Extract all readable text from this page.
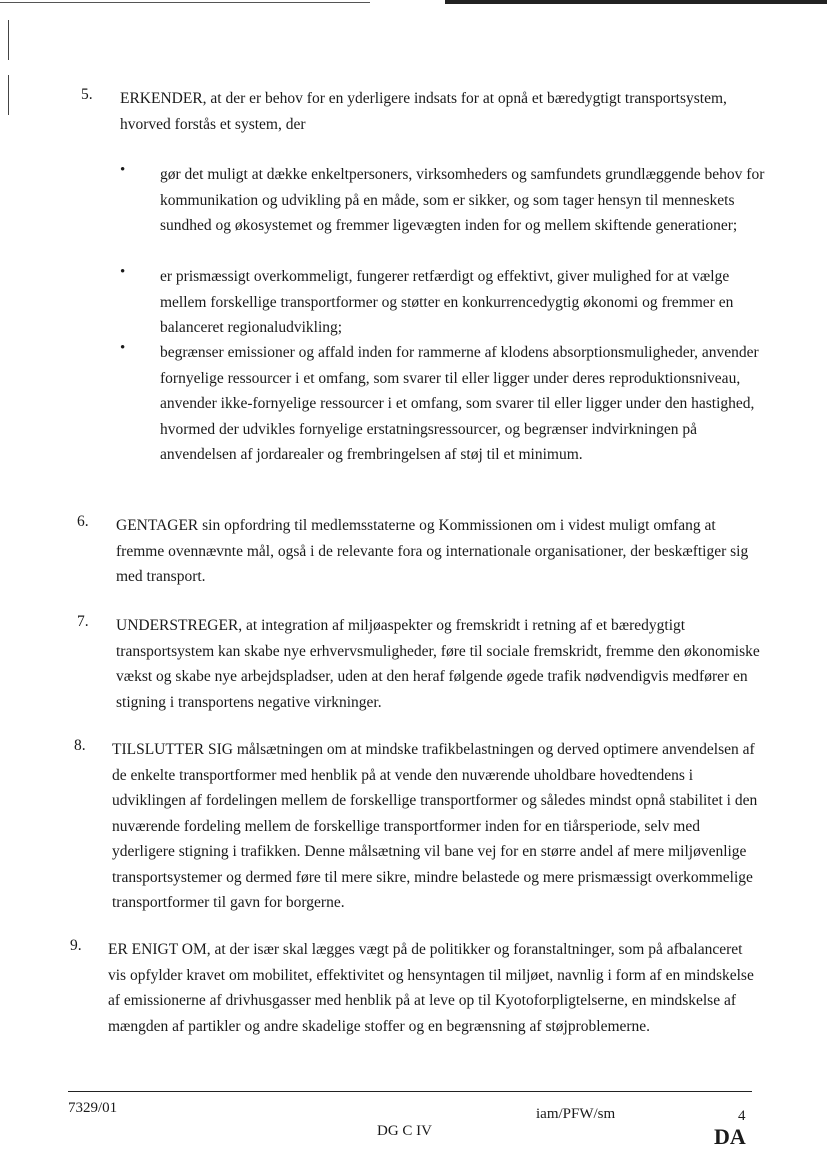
5. ERKENDER, at der er behov for en yderligere indsats for at opnå et bæredygtigt transportsystem, hvorved forstås et system, der
• gør det muligt at dække enkeltpersoners, virksomheders og samfundets grundlæggende behov for kommunikation og udvikling på en måde, som er sikker, og som tager hensyn til menneskets sundhed og økosystemet og fremmer ligevægten inden for og mellem skiftende generationer;
• er prismæssigt overkommeligt, fungerer retfærdigt og effektivt, giver mulighed for at vælge mellem forskellige transportformer og støtter en konkurrencedygtig økonomi og fremmer en balanceret regionaludvikling;
• begrænser emissioner og affald inden for rammerne af klodens absorptionsmuligheder, anvender fornyelige ressourcer i et omfang, som svarer til eller ligger under deres reproduktionsniveau, anvender ikke-fornyelige ressourcer i et omfang, som svarer til eller ligger under den hastighed, hvormed der udvikles fornyelige erstatningsressourcer, og begrænser indvirkningen på anvendelsen af jordarealer og frembringelsen af støj til et minimum.
6. GENTAGER sin opfordring til medlemsstaterne og Kommissionen om i videst muligt omfang at fremme ovennævnte mål, også i de relevante fora og internationale organisationer, der beskæftiger sig med transport.
7. UNDERSTREGER, at integration af miljøaspekter og fremskridt i retning af et bæredygtigt transportsystem kan skabe nye erhvervsmuligheder, føre til sociale fremskridt, fremme den økonomiske vækst og skabe nye arbejdspladser, uden at den heraf følgende øgede trafik nødvendigvis medfører en stigning i transportens negative virkninger.
8. TILSLUTTER SIG målsætningen om at mindske trafikbelastningen og derved optimere anvendelsen af de enkelte transportformer med henblik på at vende den nuværende uholdbare hovedtendens i udviklingen af fordelingen mellem de forskellige transportformer og således mindst opnå stabilitet i den nuværende fordeling mellem de forskellige transportformer inden for en tiårsperiode, selv med yderligere stigning i trafikken. Denne målsætning vil bane vej for en større andel af mere miljøvenlige transportsystemer og dermed føre til mere sikre, mindre belastede og mere prismæssigt overkommelige transportformer til gavn for borgerne.
9. ER ENIGT OM, at der især skal lægges vægt på de politikker og foranstaltninger, som på afbalanceret vis opfylder kravet om mobilitet, effektivitet og hensyntagen til miljøet, navnlig i form af en mindskelse af emissionerne af drivhusgasser med henblik på at leve op til Kyotoforpligtelserne, en mindskelse af mængden af partikler og andre skadelige stoffer og en begrænsning af støjproblemerne.
7329/01	iam/PFW/sm	4
DG C IV	DA
